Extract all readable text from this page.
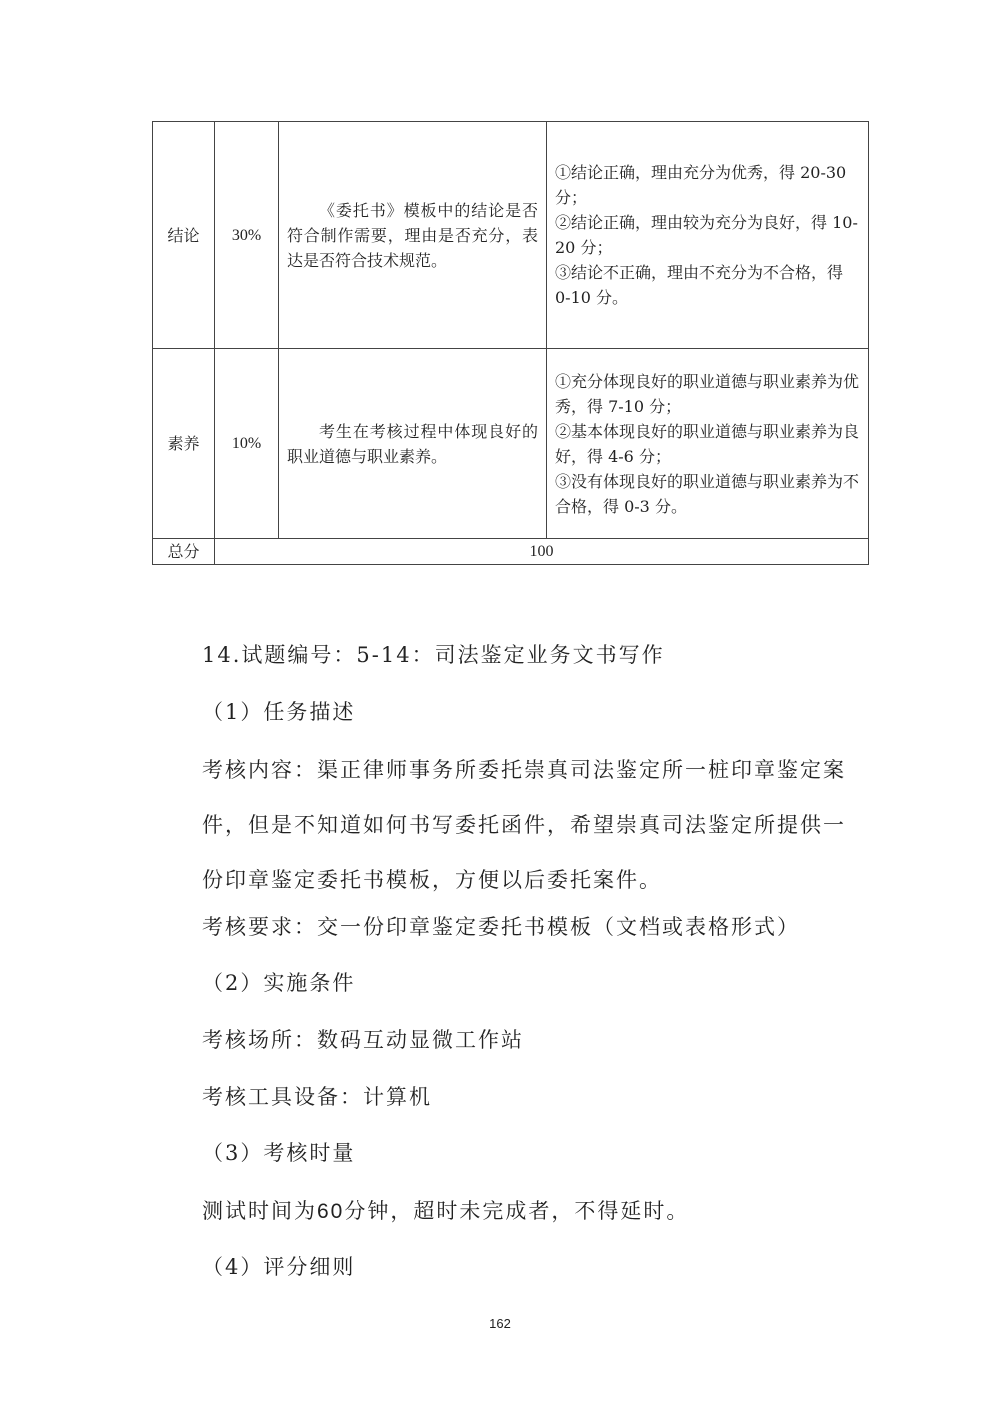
结论	30%	《委托书》模板中的结论是否符合制作需要，理由是否充分，表达是否符合技术规范。	①结论正确，理由充分为优秀，得 20-30 分；
②结论正确，理由较为充分为良好，得 10-20 分；
③结论不正确，理由不充分为不合格，得 0-10 分。

素养	10%	考生在考核过程中体现良好的职业道德与职业素养。	①充分体现良好的职业道德与职业素养为优秀，得 7-10 分；
②基本体现良好的职业道德与职业素养为良好，得 4-6 分；
③没有体现良好的职业道德与职业素养为不合格，得 0-3 分。

总分	100		
14.试题编号：5-14：司法鉴定业务文书写作
（1）任务描述
考核内容：渠正律师事务所委托崇真司法鉴定所一桩印章鉴定案件，但是不知道如何书写委托函件，希望崇真司法鉴定所提供一份印章鉴定委托书模板，方便以后委托案件。
考核要求：交一份印章鉴定委托书模板（文档或表格形式）
（2）实施条件
考核场所：数码互动显微工作站
考核工具设备：计算机
（3）考核时量
测试时间为60分钟，超时未完成者，不得延时。
（4）评分细则
162
